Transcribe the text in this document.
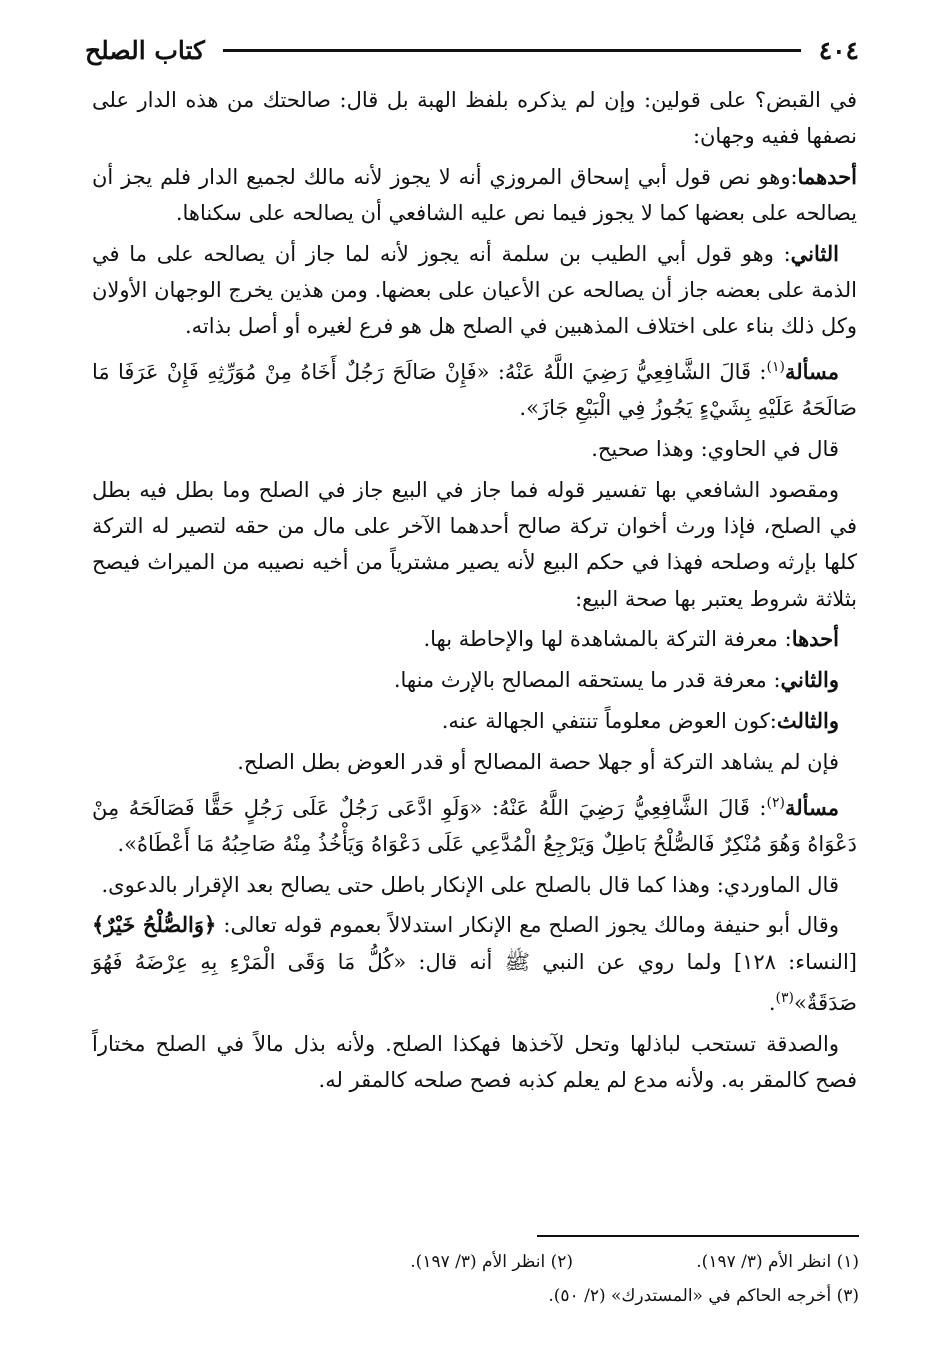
٤٠٤
كتاب الصلح

في القبض؟ على قولين: وإن لم يذكره بلفظ الهبة بل قال: صالحتك من هذه الدار على نصفها ففيه وجهان:

أحدهما:وهو نص قول أبي إسحاق المروزي أنه لا يجوز لأنه مالك لجميع الدار فلم يجز أن يصالحه على بعضها كما لا يجوز فيما نص عليه الشافعي أن يصالحه على سكناها.

الثاني: وهو قول أبي الطيب بن سلمة أنه يجوز لأنه لما جاز أن يصالحه على ما في الذمة على بعضه جاز أن يصالحه عن الأعيان على بعضها. ومن هذين يخرج الوجهان الأولان وكل ذلك بناء على اختلاف المذهبين في الصلح هل هو فرع لغيره أو أصل بذاته.

مسألة$^{(١)}$: قَالَ الشَّافِعِيُّ رَضِيَ اللَّهُ عَنْهُ: «فَإِنْ صَالَحَ رَجُلٌ أَخَاهُ مِنْ مُوَرِّثِهِ فَإِنْ عَرَفَا مَا صَالَحَهُ عَلَيْهِ بِشَيْءٍ يَجُوزُ فِي الْبَيْعِ جَازَ».

قال في الحاوي: وهذا صحيح.

ومقصود الشافعي بها تفسير قوله فما جاز في البيع جاز في الصلح وما بطل فيه بطل في الصلح، فإذا ورث أخوان تركة صالح أحدهما الآخر على مال من حقه لتصير له التركة كلها بإرثه وصلحه فهذا في حكم البيع لأنه يصير مشترياً من أخيه نصيبه من الميراث فيصح بثلاثة شروط يعتبر بها صحة البيع:

أحدها: معرفة التركة بالمشاهدة لها والإحاطة بها.

والثاني: معرفة قدر ما يستحقه المصالح بالإرث منها.

والثالث:كون العوض معلوماً تنتفي الجهالة عنه.

فإن لم يشاهد التركة أو جهلا حصة المصالح أو قدر العوض بطل الصلح.

مسألة$^{(٢)}$: قَالَ الشَّافِعِيُّ رَضِيَ اللَّهُ عَنْهُ: «وَلَوِ ادَّعَى رَجُلٌ عَلَى رَجُلٍ حَقًّا فَصَالَحَهُ مِنْ دَعْوَاهُ وَهُوَ مُنْكِرٌ فَالصُّلْحُ بَاطِلٌ وَيَرْجِعُ الْمُدَّعِي عَلَى دَعْوَاهُ وَيَأْخُذُ مِنْهُ صَاحِبُهُ مَا أَعْطَاهُ».

قال الماوردي: وهذا كما قال بالصلح على الإنكار باطل حتى يصالح بعد الإقرار بالدعوى.

وقال أبو حنيفة ومالك يجوز الصلح مع الإنكار استدلالاً بعموم قوله تعالى: ﴿وَالصُّلْحُ خَيْرٌ﴾ [النساء: ١٢٨] ولما روي عن النبي ﷺ أنه قال: «كُلُّ مَا وَقَى الْمَرْءِ بِهِ عِرْضَهُ فَهُوَ صَدَقَةٌ»$^{(٣)}$.

والصدقة تستحب لباذلها وتحل لآخذها فهكذا الصلح. ولأنه بذل مالاً في الصلح مختاراً فصح كالمقر به. ولأنه مدع لم يعلم كذبه فصح صلحه كالمقر له.

(١) انظر الأم (٣/ ١٩٧).
(٢) انظر الأم (٣/ ١٩٧).
(٣) أخرجه الحاكم في «المستدرك» (٢/ ٥٠).
